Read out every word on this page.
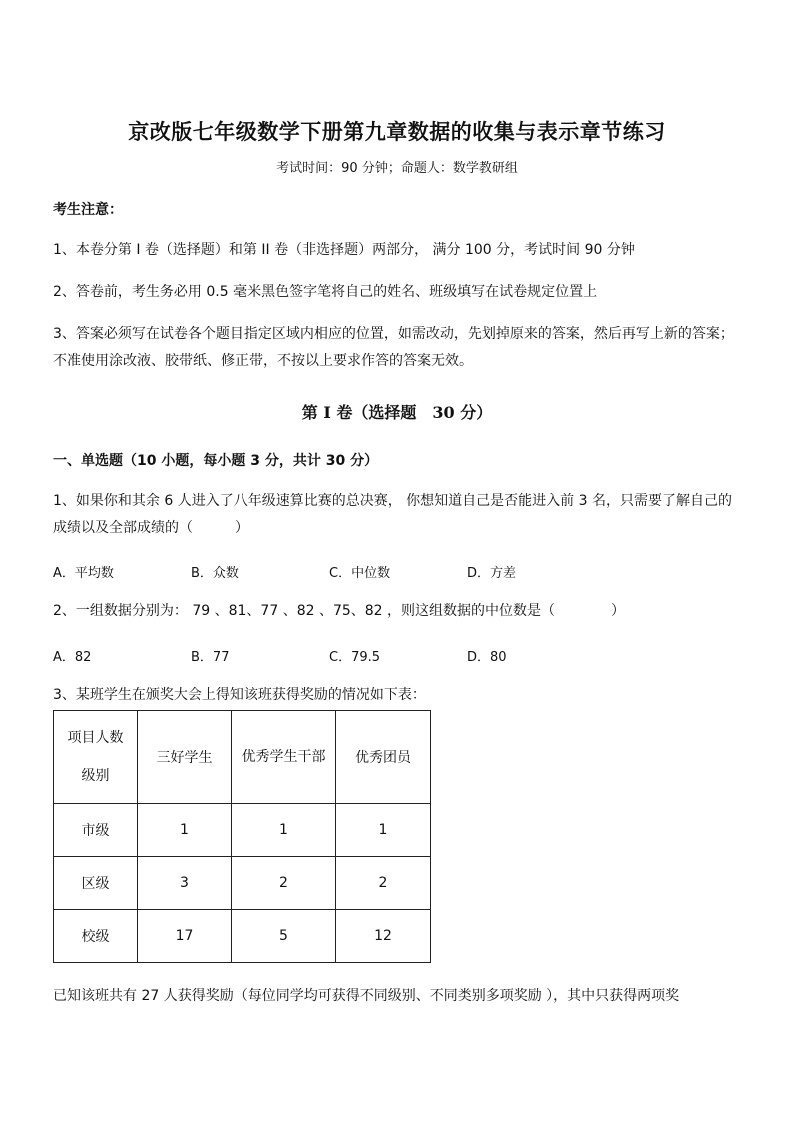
京改版七年级数学下册第九章数据的收集与表示章节练习
考试时间：90 分钟；命题人：数学教研组
考生注意：
1、本卷分第 I 卷（选择题）和第 II 卷（非选择题）两部分， 满分 100 分，考试时间 90 分钟
2、答卷前，考生务必用 0.5 毫米黑色签字笔将自己的姓名、班级填写在试卷规定位置上
3、答案必须写在试卷各个题目指定区域内相应的位置，如需改动，先划掉原来的答案，然后再写上新的答案；不准使用涂改液、胶带纸、修正带，不按以上要求作答的答案无效。
第 I 卷（选择题　30 分）
一、单选题（10 小题，每小题 3 分，共计 30 分）
1、如果你和其余 6 人进入了八年级速算比赛的总决赛， 你想知道自己是否能进入前 3 名，只需要了解自己的成绩以及全部成绩的（　　　）
A．平均数	B．众数	C．中位数	D．方差
2、一组数据分别为： 79 、81、77 、82 、75、82 ，则这组数据的中位数是（　　　　）
A．82	B．77	C．79.5	D．80
3、某班学生在颁奖大会上得知该班获得奖励的情况如下表：
项目人数
级别	三好学生	优秀学生干部	优秀团员
市级	1	1	1
区级	3	2	2
校级	17	5	12
已知该班共有 27 人获得奖励（每位同学均可获得不同级别、不同类别多项奖励 ），其中只获得两项奖
